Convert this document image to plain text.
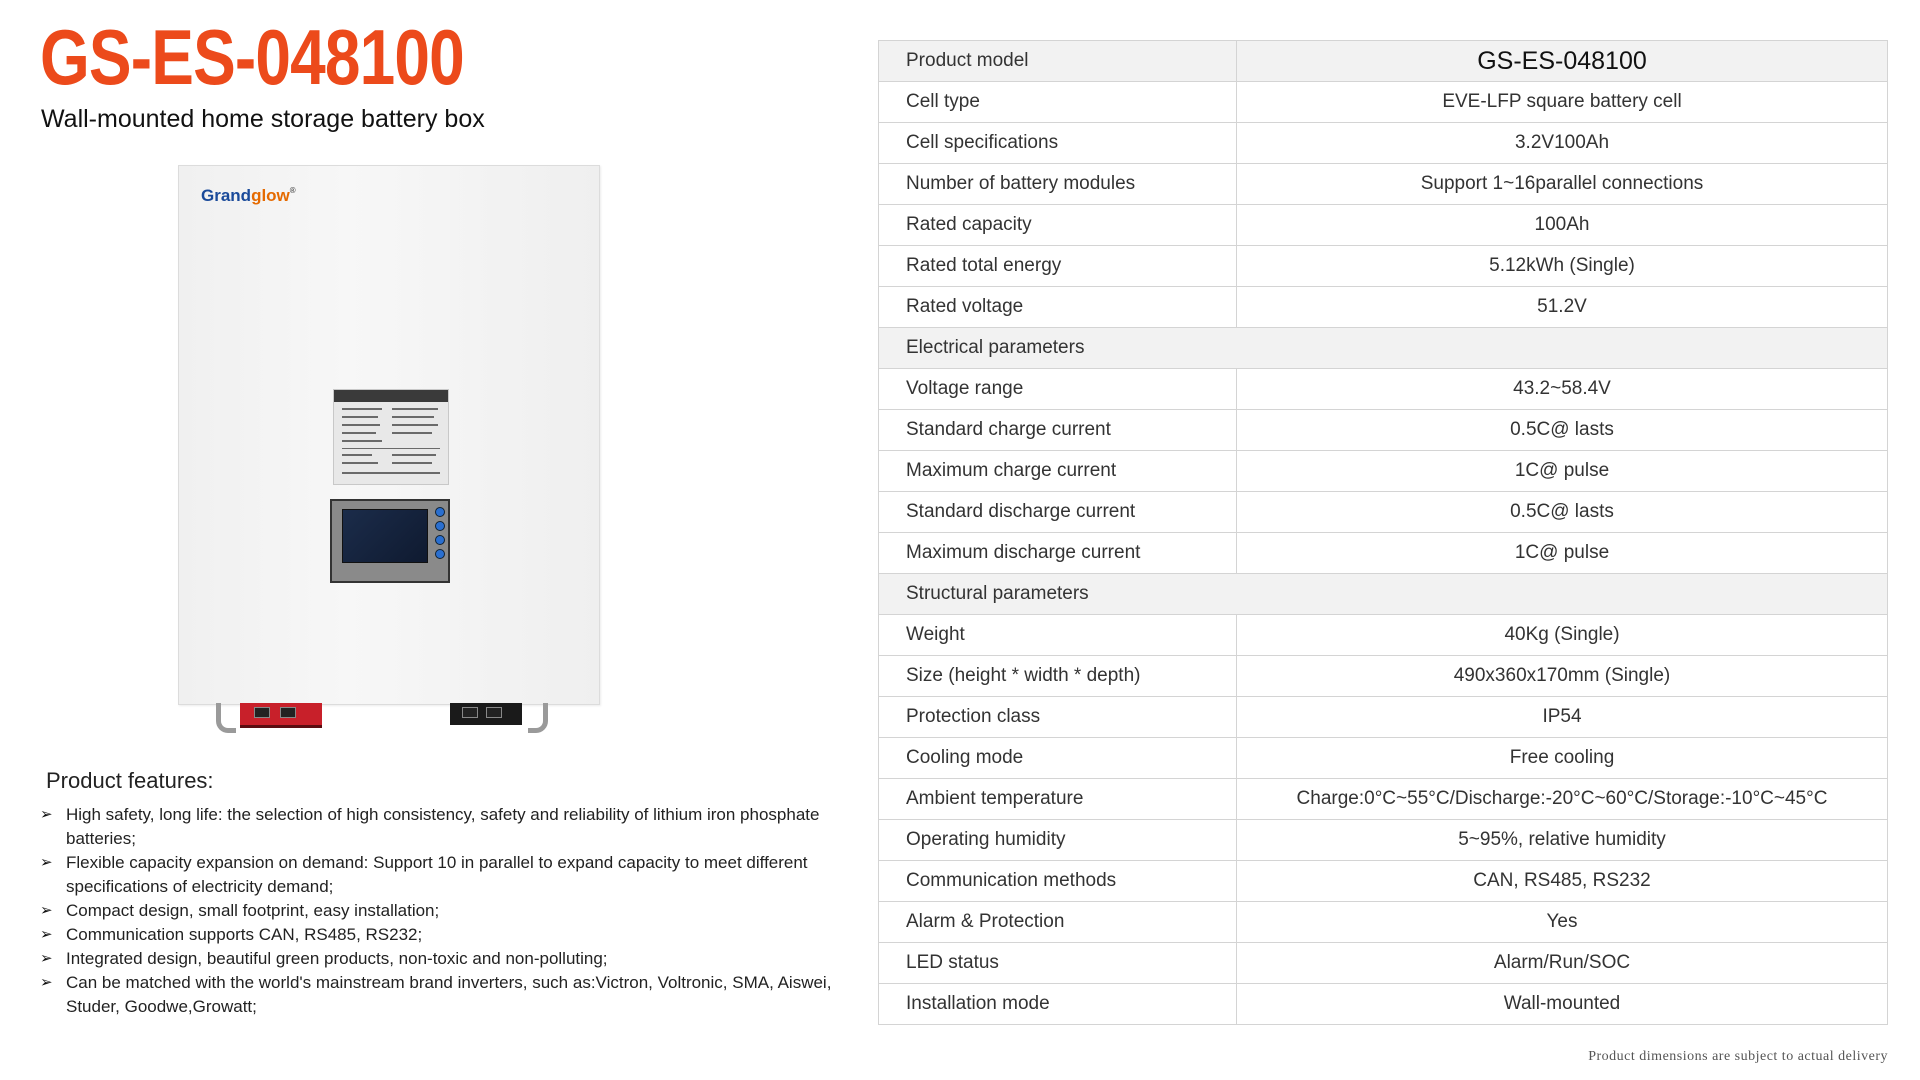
GS-ES-048100
Wall-mounted home storage battery box
Grandglow®
Product features:
➢ High safety, long life: the selection of high consistency, safety and reliability of lithium iron phosphate batteries;
➢ Flexible capacity expansion on demand: Support 10 in parallel to expand capacity to meet different specifications of electricity demand;
➢ Compact design, small footprint, easy installation;
➢ Communication supports CAN, RS485, RS232;
➢ Integrated design, beautiful green products, non-toxic and non-polluting;
➢ Can be matched with the world's mainstream brand inverters, such as:Victron, Voltronic, SMA, Aiswei, Studer, Goodwe,Growatt;
Product model	GS-ES-048100
Cell type	EVE-LFP square battery cell
Cell specifications	3.2V100Ah
Number of battery modules	Support 1~16parallel connections
Rated capacity	100Ah
Rated total energy	5.12kWh (Single)
Rated voltage	51.2V
Electrical parameters	
Voltage range	43.2~58.4V
Standard charge current	0.5C@ lasts
Maximum charge current	1C@ pulse
Standard discharge current	0.5C@ lasts
Maximum discharge current	1C@ pulse
Structural parameters	
Weight	40Kg (Single)
Size (height * width * depth)	490x360x170mm (Single)
Protection class	IP54
Cooling mode	Free cooling
Ambient temperature	Charge:0°C~55°C/Discharge:-20°C~60°C/Storage:-10°C~45°C
Operating humidity	5~95%, relative humidity
Communication methods	CAN, RS485, RS232
Alarm & Protection	Yes
LED status	Alarm/Run/SOC
Installation mode	Wall-mounted
Product dimensions are subject to actual delivery
